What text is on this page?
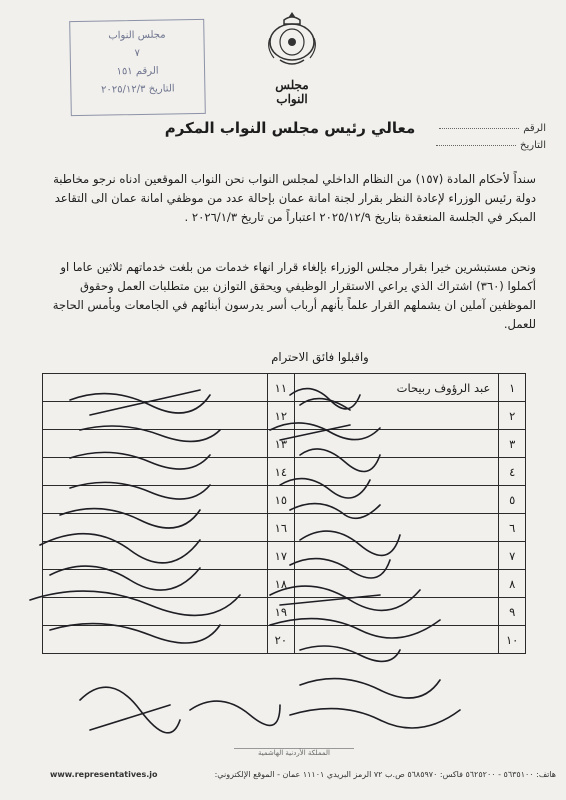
مجلس النواب
٧
الرقم ١٥١
التاريخ ٢٠٢٥/١٢/٣	مجلس النواب
الرقم
التاريخ
معالي رئيس مجلس النواب المكرم

سنداً لأحكام المادة (١٥٧) من النظام الداخلي لمجلس النواب نحن النواب الموقعين ادناه نرجو مخاطبة دولة رئيس الوزراء لإعادة النظر بقرار لجنة امانة عمان بإحالة عدد من موظفي امانة عمان الى التقاعد المبكر في الجلسة المنعقدة بتاريخ ٢٠٢٥/١٢/٩ اعتباراً من تاريخ ٢٠٢٦/١/٣ .

ونحن مستبشرين خيرا بقرار مجلس الوزراء بإلغاء قرار انهاء خدمات من بلغت خدماتهم ثلاثين عاما او أكملوا (٣٦٠) اشتراك الذي يراعي الاستقرار الوظيفي ويحقق التوازن بين متطلبات العمل وحقوق الموظفين آملين ان يشملهم القرار علماً بأنهم أرباب أسر يدرسون أبنائهم في الجامعات وبأمس الحاجة للعمل.

واقبلوا فائق الاحترام
١	عبد الرؤوف ربيحات	١١	
٢		١٢	
٣		١٣	
٤		١٤	
٥		١٥	
٦		١٦	
٧		١٧	
٨		١٨	
٩		١٩	
١٠		٢٠	
المملكة الأردنية الهاشمية
هاتف: ٥٦٣٥١٠٠ - ٥٦٢٥٢٠٠ فاكس: ٥٦٨٥٩٧٠ ص.ب ٧٢ الرمز البريدي ١١١٠١ عمان - الموقع الإلكتروني:
www.representatives.jo
